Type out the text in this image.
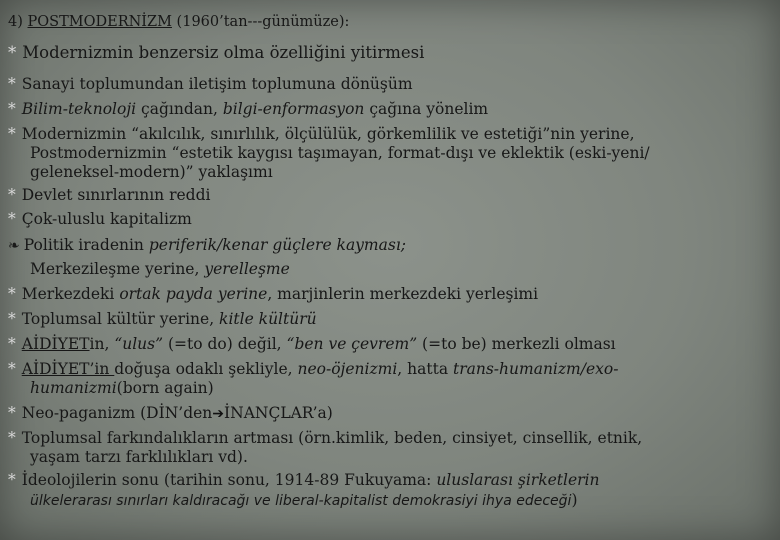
4) POSTMODERNİZM (1960’tan---günümüze):
* Modernizmin benzersiz olma özelliğini yitirmesi
* Sanayi toplumundan iletişim toplumuna dönüşüm
* Bilim-teknoloji çağından, bilgi-enformasyon çağına yönelim
* Modernizmin “akılcılık, sınırlılık, ölçülülük, görkemlilik ve estetiği”nin yerine,
Postmodernizmin “estetik kaygısı taşımayan, format-dışı ve eklektik (eski-yeni/
geleneksel-modern)” yaklaşımı
* Devlet sınırlarının reddi
* Çok-uluslu kapitalizm
❧ Politik iradenin periferik/kenar güçlere kayması;
Merkezileşme yerine, yerelleşme
* Merkezdeki ortak payda yerine, marjinlerin merkezdeki yerleşimi
* Toplumsal kültür yerine, kitle kültürü
* AİDİYETin, “ulus” (=to do) değil, “ben ve çevrem” (=to be) merkezli olması
* AİDİYET’in doğuşa odaklı şekliyle, neo-öjenizmi, hatta trans-humanizm/exo-
humanizmi(born again)
* Neo-paganizm (DİN’den➔İNANÇLAR’a)
* Toplumsal farkındalıkların artması (örn.kimlik, beden, cinsiyet, cinsellik, etnik,
yaşam tarzı farklılıkları vd).
* İdeolojilerin sonu (tarihin sonu, 1914-89 Fukuyama: uluslarası şirketlerin
ülkelerarası sınırları kaldıracağı ve liberal-kapitalist demokrasiyi ihya edeceği)
